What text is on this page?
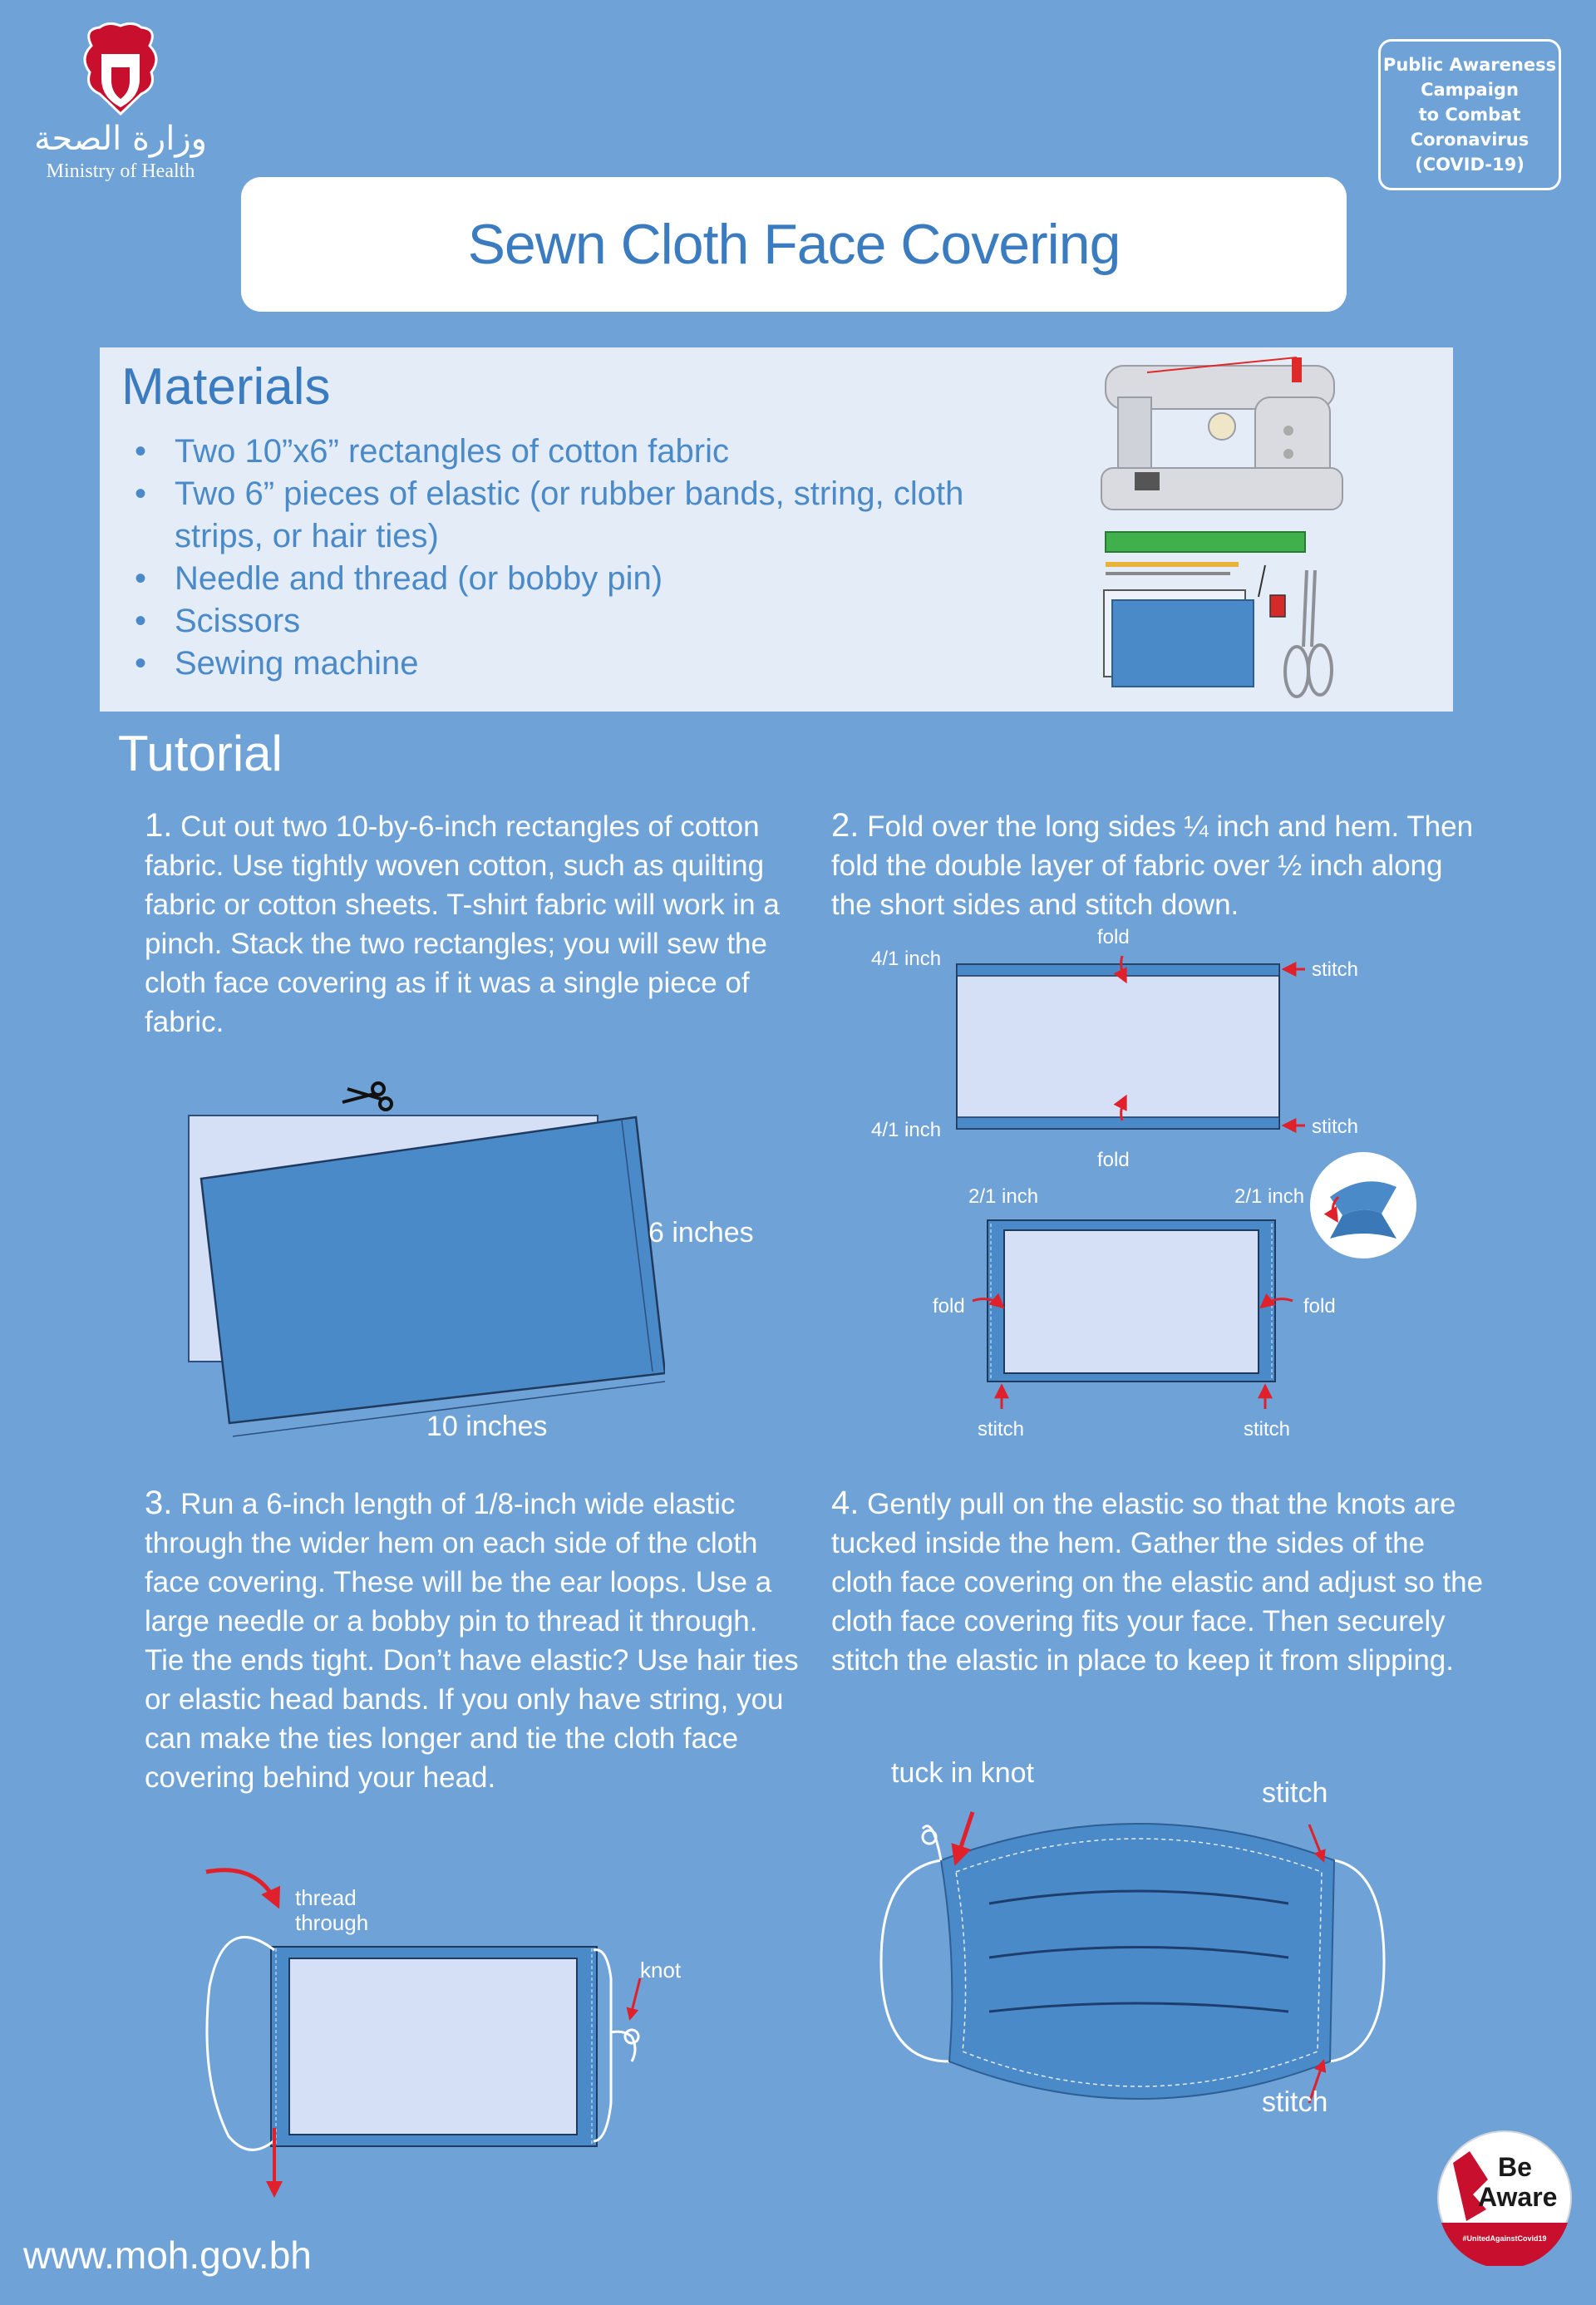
وزارة الصحة
Ministry of Health
Public Awareness
Campaign
to Combat
Coronavirus
(COVID-19)
Sewn Cloth Face Covering
Materials
• Two 10”x6” rectangles of cotton fabric
• Two 6” pieces of elastic (or rubber bands, string, cloth strips, or hair ties)
• Needle and thread (or bobby pin)
• Scissors
• Sewing machine
Tutorial
1. Cut out two 10-by-6-inch rectangles of cotton fabric. Use tightly woven cotton, such as quilting fabric or cotton sheets. T-shirt fabric will work in a pinch. Stack the two rectangles; you will sew the cloth face covering as if it was a single piece of fabric.
6 inches
10 inches
2. Fold over the long sides ¼ inch and hem. Then fold the double layer of fabric over ½ inch along the short sides and stitch down.
4/1 inch
fold
stitch
4/1 inch	stitch
fold
2/1 inch	2/1 inch
fold	fold
stitch	stitch
3. Run a 6-inch length of 1/8-inch wide elastic through the wider hem on each side of the cloth face covering. These will be the ear loops. Use a large needle or a bobby pin to thread it through. Tie the ends tight. Don’t have elastic? Use hair ties or elastic head bands. If you only have string, you can make the ties longer and tie the cloth face covering behind your head.
thread
through
knot
4. Gently pull on the elastic so that the knots are tucked inside the hem. Gather the sides of the cloth face covering on the elastic and adjust so the cloth face covering fits your face. Then securely stitch the elastic in place to keep it from slipping.
tuck in knot
stitch
stitch
www.moh.gov.bh
Be
Aware
#UnitedAgainstCovid19
